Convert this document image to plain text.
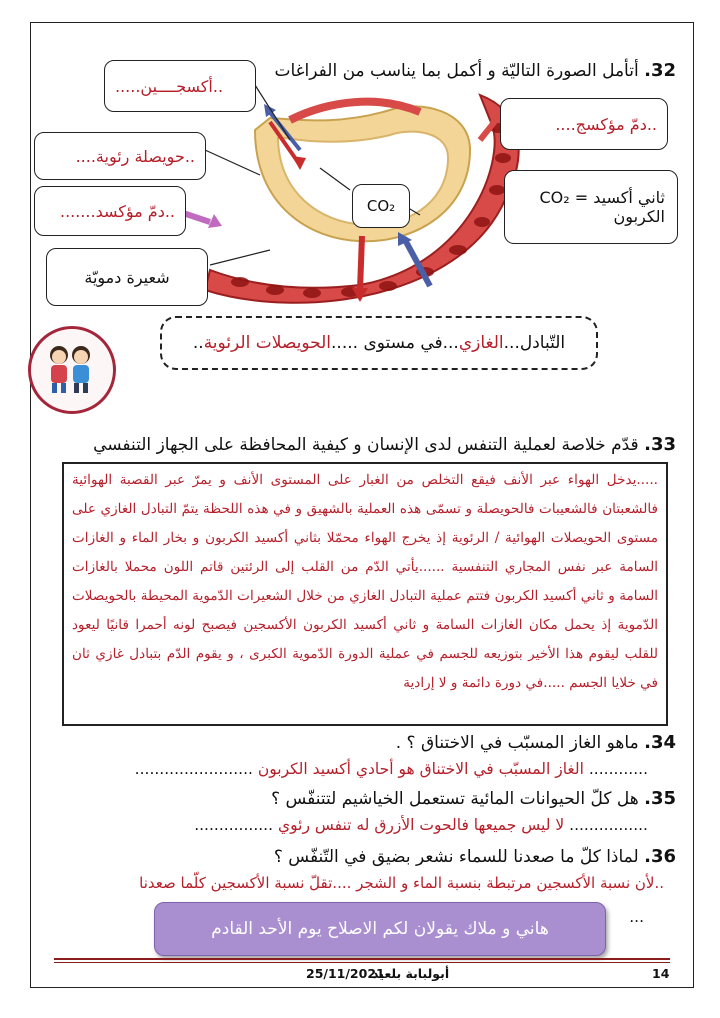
32. أتأمل الصورة التاليّة و أكمل بما يناسب من الفراغات
..أكسجــــين.....
..دمّ مؤكسج....
..حويصلة رئوية....
..دمّ مؤكسد.......
شعيرة دمويّة
CO₂	ثاني أكسيد CO₂ =
الكربون
التّبادل...
الغازي
...في مستوى .....
الحويصلات الرئوية
..
33. قدّم خلاصة لعملية التنفس لدى الإنسان و كيفية المحافظة على الجهاز التنفسي
.....يدخل الهواء عبر الأنف فيقع التخلص من الغبار على المستوى الأنف و يمرّ عبر القصبة الهوائية فالشعبتان فالشعيبات فالحويصلة و تسمّى هذه العملية بالشهيق و في هذه اللحظة يتمّ التبادل الغازي على مستوى الحويصلات الهوائية / الرئوية إذ يخرج الهواء محمّلا بثاني أكسيد الكربون و بخار الماء و الغازات السامة عبر نفس المجاري التنفسية ......يأتي الدّم من القلب إلى الرئتين قاتم اللون محملا بالغازات السامة و ثاني أكسيد الكربون فتتم عملية التبادل الغازي من خلال الشعيرات الدّموية المحيطة بالحويصلات الدّموية إذ يحمل مكان الغازات السامة و ثاني أكسيد الكربون الأكسجين فيصبح لونه أحمرا قانيًا ليعود للقلب ليقوم هذا الأخير بتوزيعه للجسم في عملية الدورة الدّموية الكبرى ، و يقوم الدّم بتبادل غازي ثان في خلايا الجسم .....في دورة دائمة و لا إرادية
34. ماهو الغاز المسبّب في الاختناق ؟ .
............ الغاز المسبّب في الاختناق هو أحادي أكسيد الكربون ........................
35. هل كلّ الحيوانات المائية تستعمل الخياشيم لتتنفّس ؟
................ لا ليس جميعها فالحوت الأزرق له تنفس رئوي ................
36. لماذا كلّ ما صعدنا للسماء نشعر بضيق في التّنفّس ؟
..لأن نسبة الأكسجين مرتبطة بنسبة الماء و الشجر ....تقلّ نسبة الأكسجين كلّما صعدنا
...
هاني و ملاك يقولان لكم الاصلاح يوم الأحد القادم
25/11/2021
أبولبابة بلعيد	14
